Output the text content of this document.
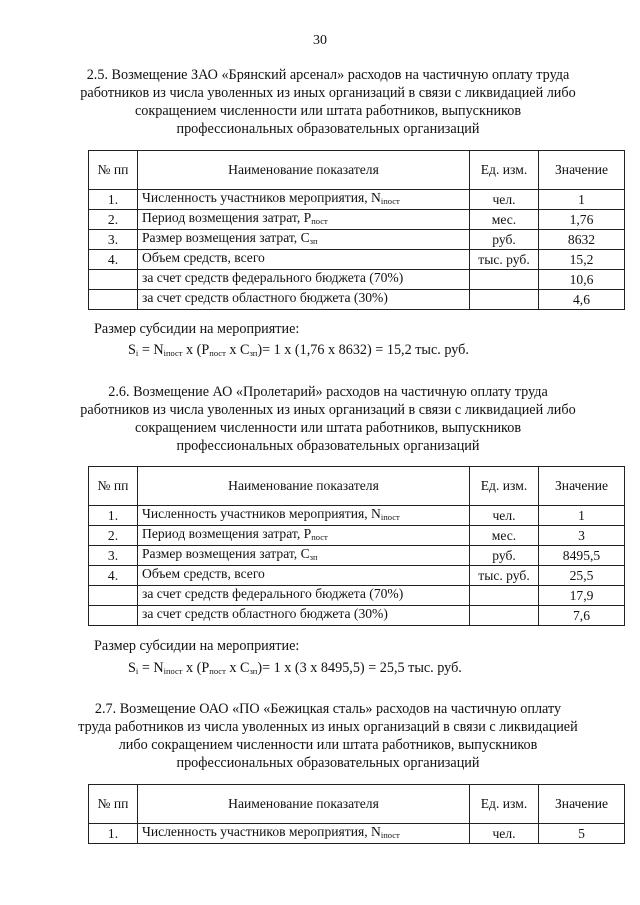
30
2.5. Возмещение ЗАО «Брянский арсенал» расходов на частичную оплату труда работников из числа уволенных из иных организаций в связи с ликвидацией либо сокращением численности или штата работников, выпускников профессиональных образовательных организаций
№ пп	Наименование показателя	Ед. изм.	Значение
1.	Численность участников мероприятия, $N_{iпост}$	чел.	1
2.	Период возмещения затрат, $P_{пост}$	мес.	1,76
3.	Размер возмещения затрат, $C_{зп}$	руб.	8632
4.	Объем средств, всего	тыс. руб.	15,2
	за счет средств федерального бюджета (70%)		10,6
	за счет средств областного бюджета (30%)		4,6
Размер субсидии на мероприятие:
$S_i = N_{iпост}$ x ($P_{пост}$ x $C_{зп})= 1$ x (1,76 x 8632) = 15,2 тыс. руб.
2.6. Возмещение АО «Пролетарий» расходов на частичную оплату труда работников из числа уволенных из иных организаций в связи с ликвидацией либо сокращением численности или штата работников, выпускников профессиональных образовательных организаций
№ пп	Наименование показателя	Ед. изм.	Значение
1.	Численность участников мероприятия, $N_{iпост}$	чел.	1
2.	Период возмещения затрат, $P_{пост}$	мес.	3
3.	Размер возмещения затрат, $C_{зп}$	руб.	8495,5
4.	Объем средств, всего	тыс. руб.	25,5
	за счет средств федерального бюджета (70%)		17,9
	за счет средств областного бюджета (30%)		7,6
Размер субсидии на мероприятие:
$S_i = N_{iпост}$ x ($P_{пост}$ x $C_{зп})= 1$ x (3 x 8495,5) = 25,5 тыс. руб.
2.7. Возмещение ОАО «ПО «Бежицкая сталь» расходов на частичную оплату труда работников из числа уволенных из иных организаций в связи с ликвидацией либо сокращением численности или штата работников, выпускников профессиональных образовательных организаций
№ пп	Наименование показателя	Ед. изм.	Значение
1.	Численность участников мероприятия, $N_{iпост}$	чел.	5
